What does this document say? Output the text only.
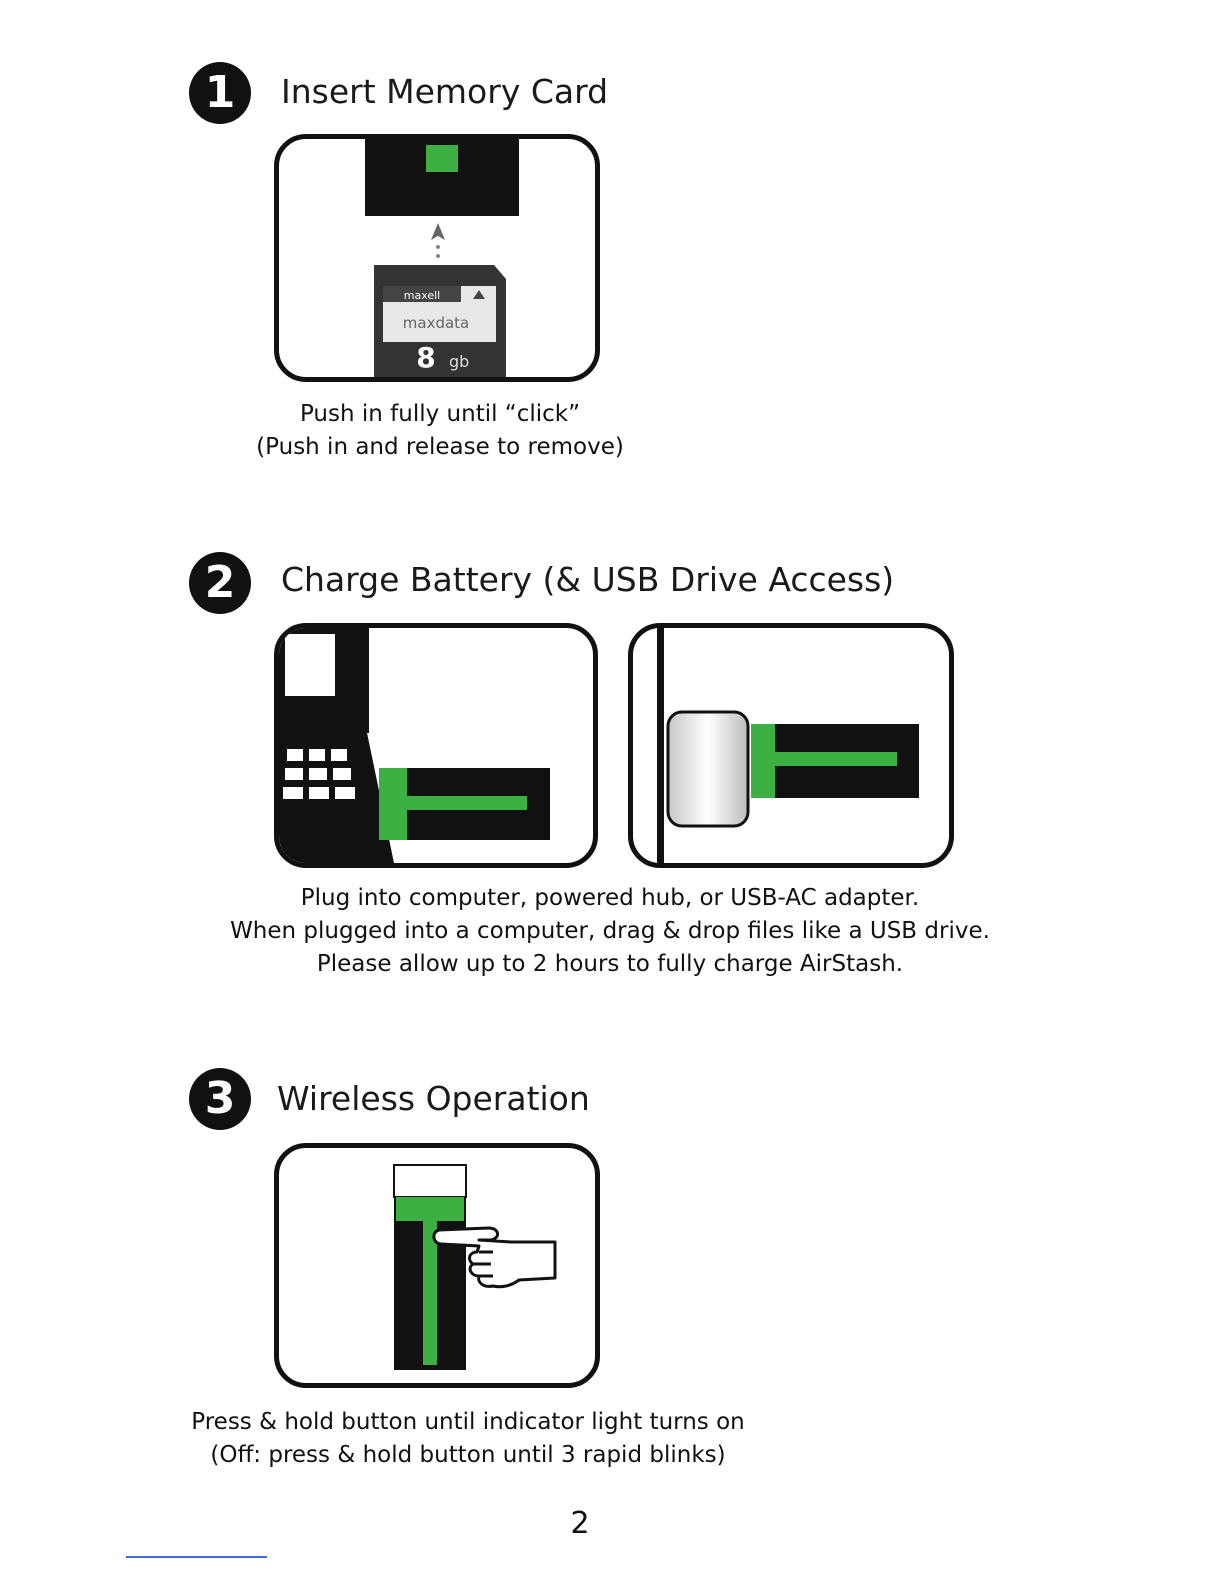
1	Insert Memory Card
maxell
maxdata
8 gb
Push in fully until “click”
(Push in and release to remove)
2	Charge Battery (& USB Drive Access)
Plug into computer, powered hub, or USB-AC adapter.
When plugged into a computer, drag & drop files like a USB drive.
Please allow up to 2 hours to fully charge AirStash.
3	Wireless Operation
Press & hold button until indicator light turns on
(Off: press & hold button until 3 rapid blinks)
2
